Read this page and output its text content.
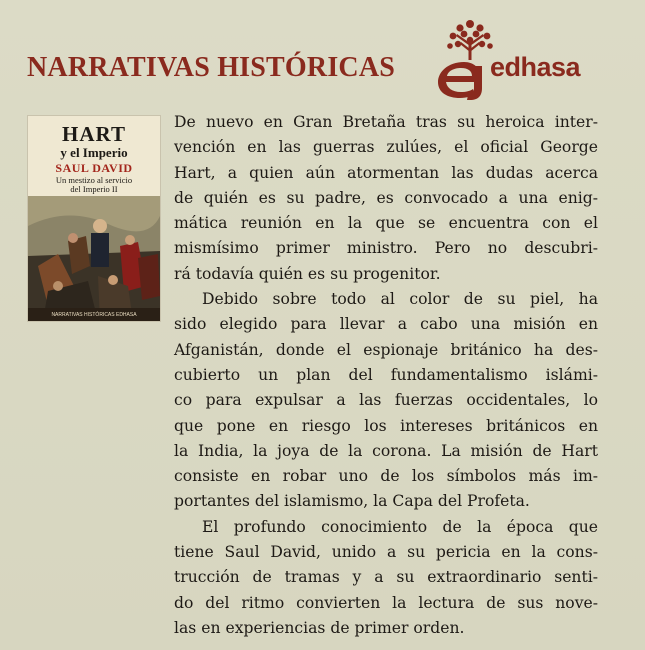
NARRATIVAS HISTÓRICAS	edhasa
HART
y el Imperio
SAUL DAVID
Un mestizo al servicio
del Imperio II
NARRATIVAS HISTÓRICAS EDHASA

De nuevo en Gran Bretaña tras su heroica inter-
vención en las guerras zulúes, el oficial George
Hart, a quien aún atormentan las dudas acerca
de quién es su padre, es convocado a una enig-
mática reunión en la que se encuentra con el
mismísimo primer ministro. Pero no descubri-
rá todavía quién es su progenitor.

Debido sobre todo al color de su piel, ha
sido elegido para llevar a cabo una misión en
Afganistán, donde el espionaje británico ha des-
cubierto un plan del fundamentalismo islámi-
co para expulsar a las fuerzas occidentales, lo
que pone en riesgo los intereses británicos en
la India, la joya de la corona. La misión de Hart
consiste en robar uno de los símbolos más im-
portantes del islamismo, la Capa del Profeta.

El profundo conocimiento de la época que
tiene Saul David, unido a su pericia en la cons-
trucción de tramas y a su extraordinario senti-
do del ritmo convierten la lectura de sus nove-
las en experiencias de primer orden.
